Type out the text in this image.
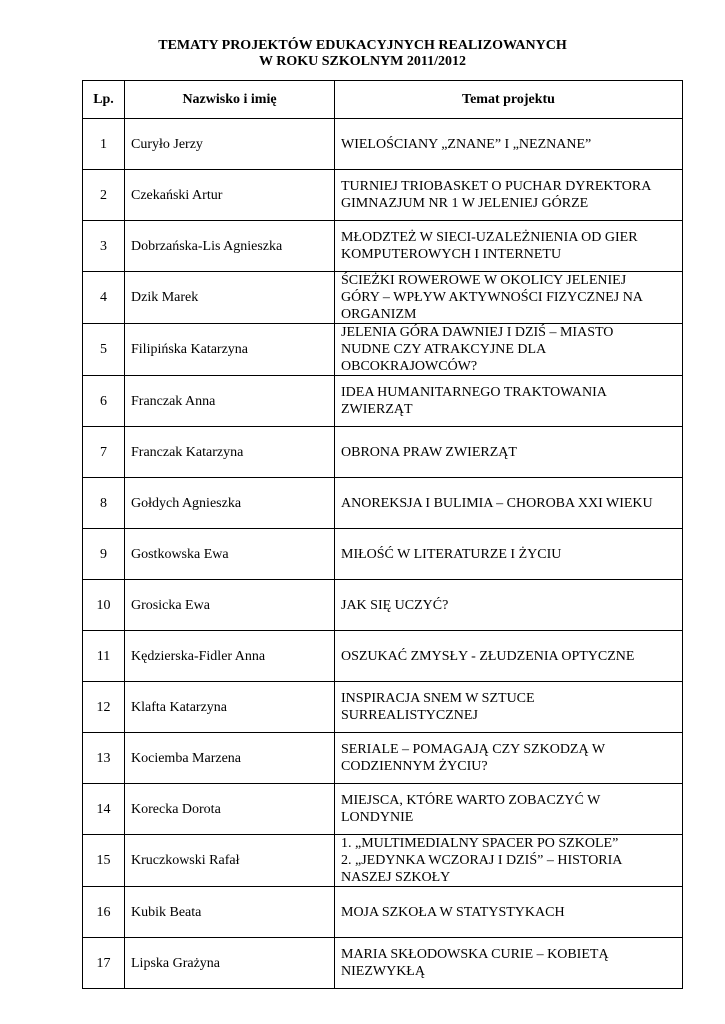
TEMATY PROJEKTÓW EDUKACYJNYCH REALIZOWANYCH
W ROKU SZKOLNYM 2011/2012
Lp.	Nazwisko i imię	Temat projektu
1	Curyło Jerzy	WIELOŚCIANY „ZNANE” I „NEZNANE”
2	Czekański Artur	TURNIEJ TRIOBASKET O PUCHAR DYREKTORA
GIMNAZJUM NR 1 W JELENIEJ GÓRZE
3	Dobrzańska-Lis Agnieszka	MŁODZTEŻ W SIECI-UZALEŻNIENIA OD GIER
KOMPUTEROWYCH I INTERNETU
4	Dzik Marek	ŚCIEŻKI ROWEROWE W OKOLICY JELENIEJ
GÓRY – WPŁYW AKTYWNOŚCI FIZYCZNEJ NA
ORGANIZM
5	Filipińska Katarzyna	JELENIA GÓRA DAWNIEJ I DZIŚ – MIASTO
NUDNE CZY ATRAKCYJNE DLA
OBCOKRAJOWCÓW?
6	Franczak Anna	IDEA HUMANITARNEGO TRAKTOWANIA
ZWIERZĄT
7	Franczak Katarzyna	OBRONA PRAW ZWIERZĄT
8	Gołdych Agnieszka	ANOREKSJA I BULIMIA – CHOROBA XXI WIEKU
9	Gostkowska Ewa	MIŁOŚĆ W LITERATURZE I ŻYCIU
10	Grosicka Ewa	JAK SIĘ UCZYĆ?
11	Kędzierska-Fidler Anna	OSZUKAĆ ZMYSŁY - ZŁUDZENIA OPTYCZNE
12	Klafta Katarzyna	INSPIRACJA SNEM W SZTUCE
SURREALISTYCZNEJ
13	Kociemba Marzena	SERIALE – POMAGAJĄ CZY SZKODZĄ W
CODZIENNYM ŻYCIU?
14	Korecka Dorota	MIEJSCA, KTÓRE WARTO ZOBACZYĆ W
LONDYNIE
15	Kruczkowski Rafał	1. „MULTIMEDIALNY SPACER PO SZKOLE”
2. „JEDYNKA WCZORAJ I DZIŚ” – HISTORIA
NASZEJ SZKOŁY
16	Kubik Beata	MOJA SZKOŁA W STATYSTYKACH
17	Lipska Grażyna	MARIA SKŁODOWSKA CURIE – KOBIETĄ
NIEZWYKŁĄ
